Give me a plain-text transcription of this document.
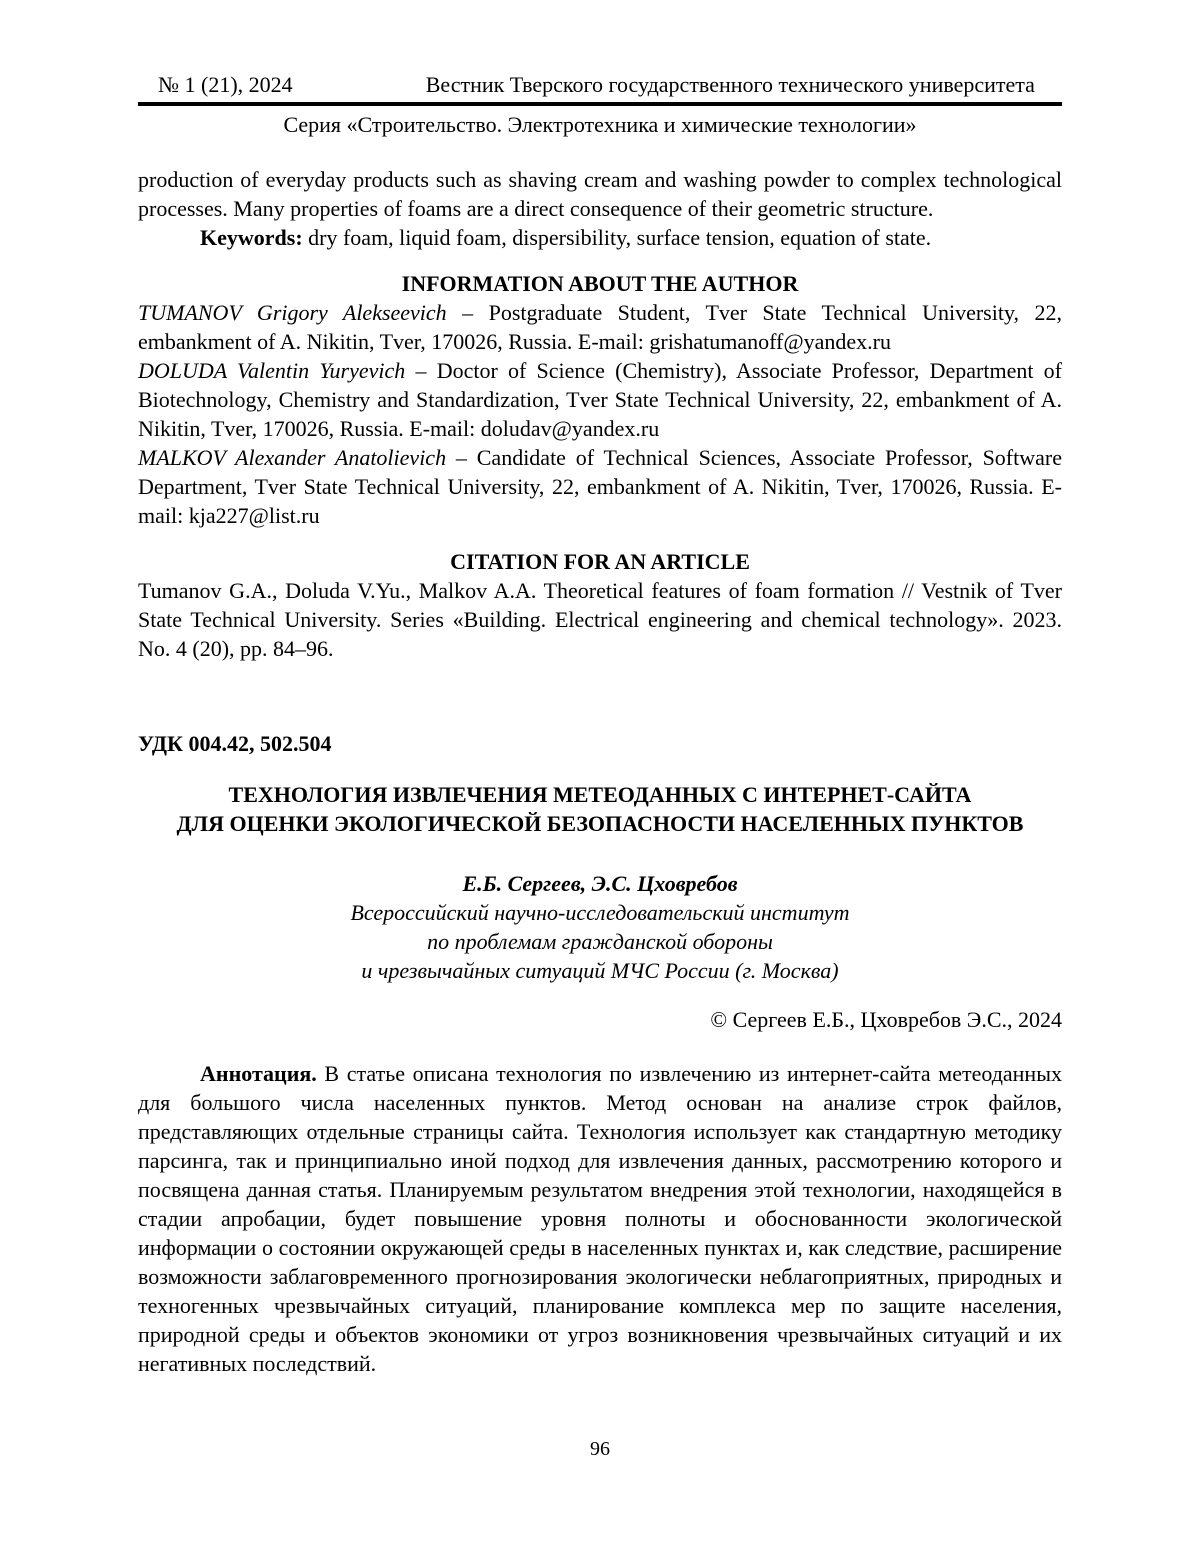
№ 1 (21), 2024	Вестник Тверского государственного технического университета
Серия «Строительство. Электротехника и химические технологии»

production of everyday products such as shaving cream and washing powder to complex technological processes. Many properties of foams are a direct consequence of their geometric structure.

Keywords: dry foam, liquid foam, dispersibility, surface tension, equation of state.

INFORMATION ABOUT THE AUTHOR

TUMANOV Grigory Alekseevich – Postgraduate Student, Tver State Technical University, 22, embankment of A. Nikitin, Tver, 170026, Russia. E-mail: grishatumanoff@yandex.ru

DOLUDA Valentin Yuryevich – Doctor of Science (Chemistry), Associate Professor, Department of Biotechnology, Chemistry and Standardization, Tver State Technical University, 22, embankment of A. Nikitin, Tver, 170026, Russia. E-mail: doludav@yandex.ru

MALKOV Alexander Anatolievich – Candidate of Technical Sciences, Associate Professor, Software Department, Tver State Technical University, 22, embankment of A. Nikitin, Tver, 170026, Russia. E-mail: kja227@list.ru

CITATION FOR AN ARTICLE

Tumanov G.A., Doluda V.Yu., Malkov A.A. Theoretical features of foam formation // Vestnik of Tver State Technical University. Series «Building. Electrical engineering and chemical technology». 2023. No. 4 (20), pp. 84–96.

УДК 004.42, 502.504
ТЕХНОЛОГИЯ ИЗВЛЕЧЕНИЯ МЕТЕОДАННЫХ С ИНТЕРНЕТ-САЙТА
ДЛЯ ОЦЕНКИ ЭКОЛОГИЧЕСКОЙ БЕЗОПАСНОСТИ НАСЕЛЕННЫХ ПУНКТОВ
Е.Б. Сергеев, Э.С. Цховребов
Всероссийский научно-исследовательский институт
по проблемам гражданской обороны
и чрезвычайных ситуаций МЧС России (г. Москва)
© Сергеев Е.Б., Цховребов Э.С., 2024

Аннотация. В статье описана технология по извлечению из интернет-сайта метеоданных для большого числа населенных пунктов. Метод основан на анализе строк файлов, представляющих отдельные страницы сайта. Технология использует как стандартную методику парсинга, так и принципиально иной подход для извлечения данных, рассмотрению которого и посвящена данная статья. Планируемым результатом внедрения этой технологии, находящейся в стадии апробации, будет повышение уровня полноты и обоснованности экологической информации о состоянии окружающей среды в населенных пунктах и, как следствие, расширение возможности заблаговременного прогнозирования экологически неблагоприятных, природных и техногенных чрезвычайных ситуаций, планирование комплекса мер по защите населения, природной среды и объектов экономики от угроз возникновения чрезвычайных ситуаций и их негативных последствий.

96
